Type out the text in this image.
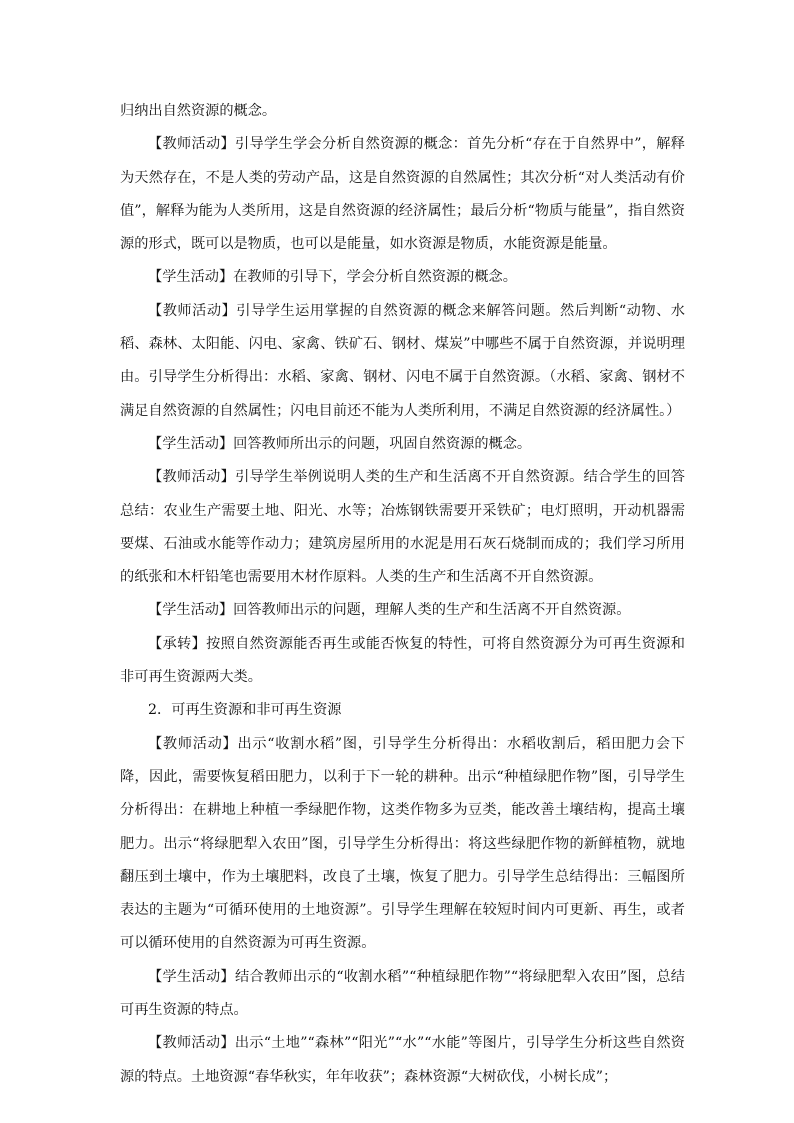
归纳出自然资源的概念。

【教师活动】引导学生学会分析自然资源的概念：首先分析“存在于自然界中”，解释为天然存在，不是人类的劳动产品，这是自然资源的自然属性；其次分析“对人类活动有价值”，解释为能为人类所用，这是自然资源的经济属性；最后分析“物质与能量”，指自然资源的形式，既可以是物质，也可以是能量，如水资源是物质，水能资源是能量。

【学生活动】在教师的引导下，学会分析自然资源的概念。

【教师活动】引导学生运用掌握的自然资源的概念来解答问题。然后判断“动物、水稻、森林、太阳能、闪电、家禽、铁矿石、钢材、煤炭”中哪些不属于自然资源，并说明理由。引导学生分析得出：水稻、家禽、钢材、闪电不属于自然资源。（水稻、家禽、钢材不满足自然资源的自然属性；闪电目前还不能为人类所利用，不满足自然资源的经济属性。）

【学生活动】回答教师所出示的问题，巩固自然资源的概念。

【教师活动】引导学生举例说明人类的生产和生活离不开自然资源。结合学生的回答总结：农业生产需要土地、阳光、水等；冶炼钢铁需要开采铁矿；电灯照明，开动机器需要煤、石油或水能等作动力；建筑房屋所用的水泥是用石灰石烧制而成的；我们学习所用的纸张和木杆铅笔也需要用木材作原料。人类的生产和生活离不开自然资源。

【学生活动】回答教师出示的问题，理解人类的生产和生活离不开自然资源。

【承转】按照自然资源能否再生或能否恢复的特性，可将自然资源分为可再生资源和非可再生资源两大类。

2．可再生资源和非可再生资源

【教师活动】出示“收割水稻”图，引导学生分析得出：水稻收割后，稻田肥力会下降，因此，需要恢复稻田肥力，以利于下一轮的耕种。出示“种植绿肥作物”图，引导学生分析得出：在耕地上种植一季绿肥作物，这类作物多为豆类，能改善土壤结构，提高土壤肥力。出示“将绿肥犁入农田”图，引导学生分析得出：将这些绿肥作物的新鲜植物，就地翻压到土壤中，作为土壤肥料，改良了土壤，恢复了肥力。引导学生总结得出：三幅图所表达的主题为“可循环使用的土地资源”。引导学生理解在较短时间内可更新、再生，或者可以循环使用的自然资源为可再生资源。

【学生活动】结合教师出示的“收割水稻”“种植绿肥作物”“将绿肥犁入农田”图，总结可再生资源的特点。

【教师活动】出示“土地”“森林”“阳光”“水”“水能”等图片，引导学生分析这些自然资源的特点。土地资源“春华秋实，年年收获”；森林资源“大树砍伐，小树长成”；
